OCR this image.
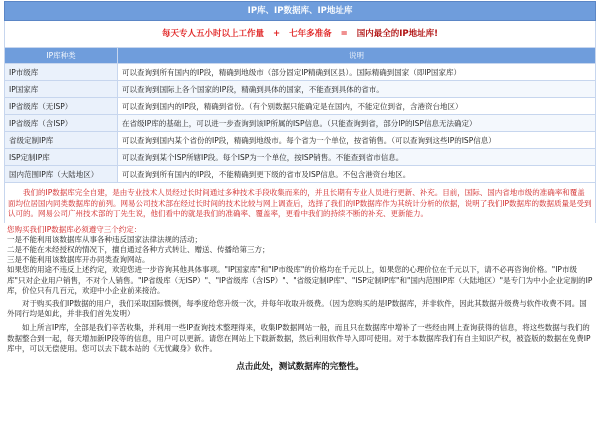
IP库、IP数据库、IP地址库
每天专人五小时以上工作量 + 七年多准备 = 国内最全的IP地址库!
IP库种类	说明
IP市级库	可以查询到所有国内的IP段，精确到地级市（部分固定IP精确到区县）。国际精确到国家（即IP国家库）
IP国家库	可以查询到国际上各个国家的IP段，精确到具体的国家，不能查到具体的省市。
IP省级库（无ISP）	可以查询到国内的IP段，精确到省份。（有个别数据只能确定是在国内，不能定位到省，含港资台地区）
IP省级库（含ISP）	在省级IP库的基础上，可以进一步查询到该IP所属的ISP信息。（只能查询到省，部分IP的ISP信息无法确定）
省级定制IP库	可以查询到国内某个省份的IP段，精确到地级市。每个省为一个单位，按省销售。（可以查询到这些IP的ISP信息）
ISP定制IP库	可以查询到某个ISP所辖IP段。每个ISP为一个单位，按ISP销售。不能查到省市信息。
国内范围IP库（大陆地区）	可以查询到所有国内的IP段，不能精确到更下级的省市及ISP信息。不包含港资台地区。

我们的IP数据库完全自建，是由专业技术人员经过长时间通过多种技术手段收集而来的，并且长期有专业人员进行更新、补充。目前，国际、国内省地市级的准确率和覆盖面均位居国内同类数据库的前列。网易公司技术部在经过长时间的技术比较与网上调查后，选择了我们的IP数据库作为其统计分析的依据，说明了我们IP数据库的数据质量是受到认可的。网易公司广州技术部的丁先生说，他们看中的就是我们的准确率、覆盖率，更看中我们的持续不断的补充、更新能力。

您购买我们IP数据库必须遵守三个约定：

一是不能利用该数据库从事各种违反国家法律法规的活动；

二是不能在未经授权的情况下，擅自通过各种方式转让、赠送、传播给第三方；

三是不能利用该数据库开办同类查询网站。

如果您的用途不违反上述约定，欢迎您进一步咨询其他具体事项。"IP国家库"和"IP市级库"的价格均在千元以上，如果您的心理价位在千元以下，请不必再咨询价格。"IP市级库"只对企业用户销售，不对个人销售。"IP省级库（无ISP）"、"IP省级库（含ISP）"、"省级定制IP库"、"ISP定制IP库"和"国内范围IP库（大陆地区）"是专门为中小企业定制的IP库，价位只有几百元，欢迎中小企业前来接洽。

对于购买我们IP数据的用户，我们采取国际惯例，每季度给您升级一次，并每年收取升级费。（因为您购买的是IP数据库，并非软件，因此其数据升级费与软件收费不同。国外同行均是如此，并非我们首先发明）

如上所言IP库，全部是我们辛苦收集，并利用一些IP查询技术整理得来，收集IP数据网站一般，而且只在数据库中增补了一些经由网上查询获得的信息，将这些数据与我们的数据整合到一起，每天增加新IP段等的信息，用户可以更新。请您在网站上下载新数据，然后利用软件导入即可使用。对于本数据库我们有自主知识产权，被盗版的数据在免费IP库中，可以无偿使用。您可以去下载本站的《无忧藏身》软件。

点击此处，测试数据库的完整性。
